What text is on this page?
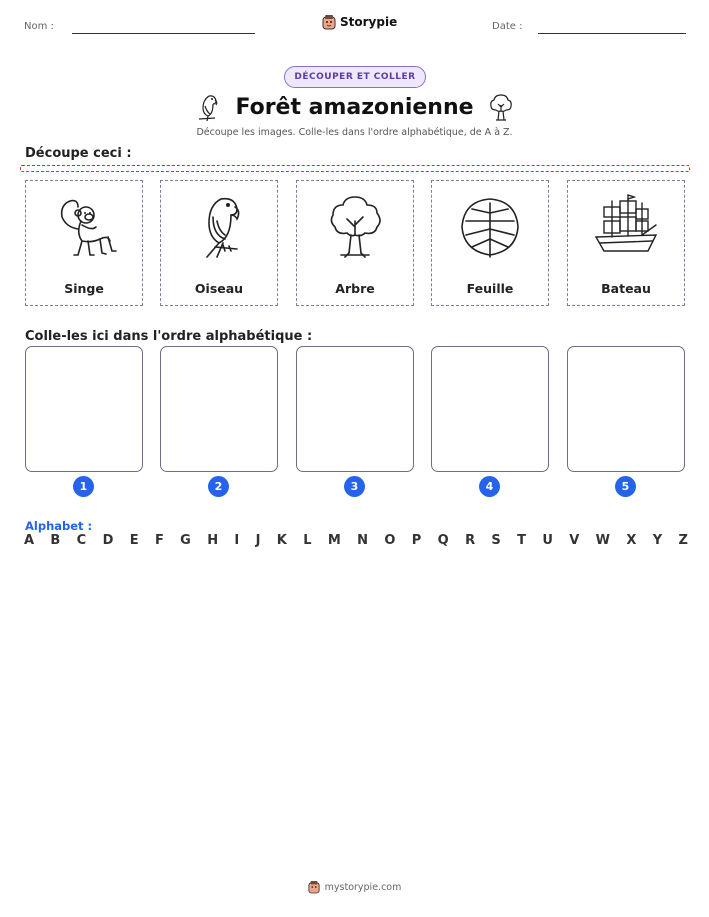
Nom :	Storypie	Date :
DÉCOUPER ET COLLER
Forêt amazonienne
Découpe les images. Colle-les dans l'ordre alphabétique, de A à Z.
Découpe ceci :
Singe	Oiseau	Arbre	Feuille	Bateau
Colle-les ici dans l'ordre alphabétique :
1	2	3	4	5
Alphabet :
A B C D E F G H I J K L M N O P Q R S T U V W X Y Z
mystorypie.com
